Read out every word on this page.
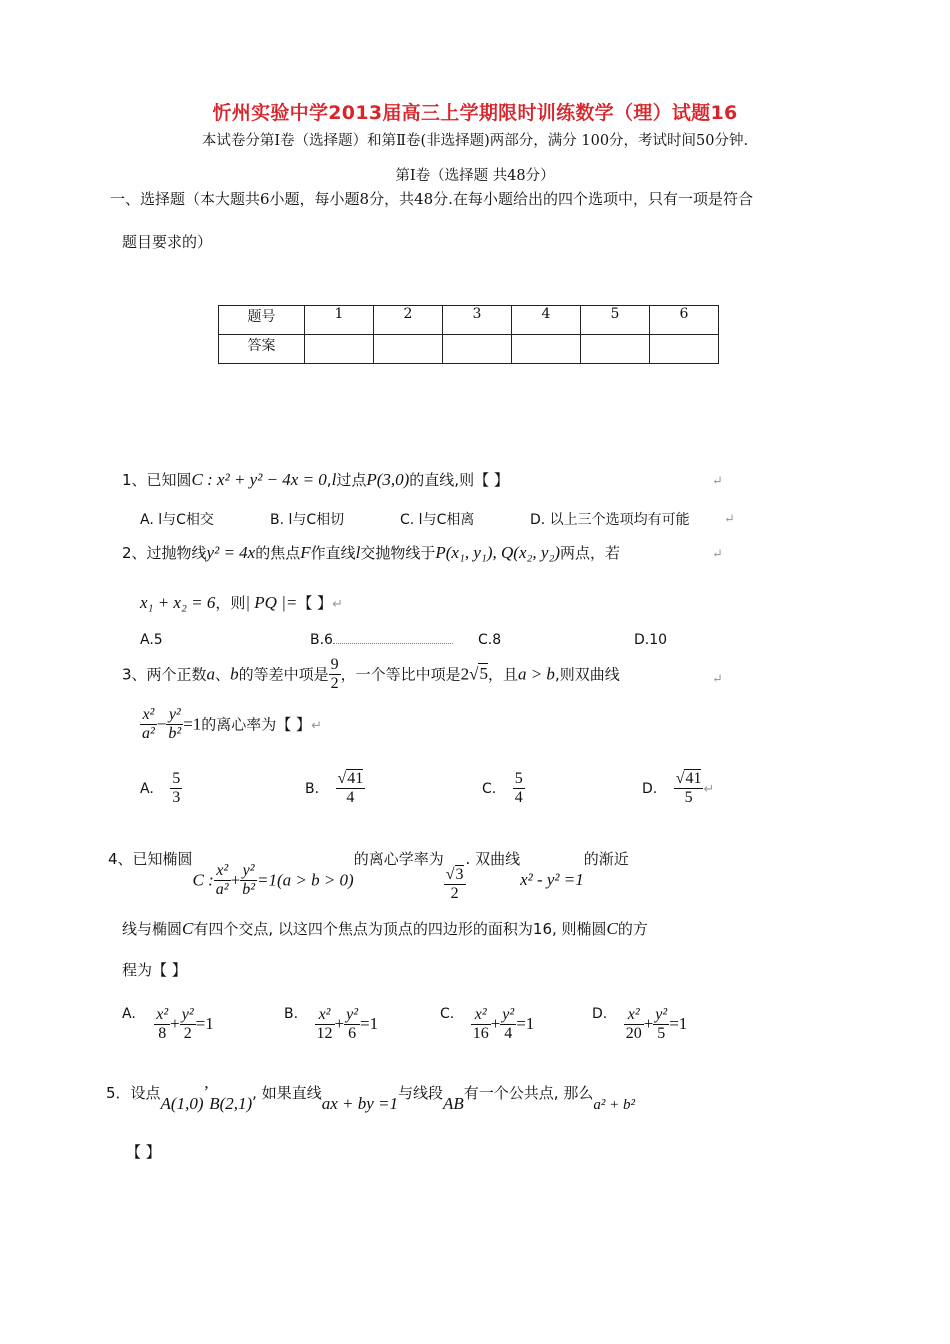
忻州实验中学2013届高三上学期限时训练数学（理）试题16
本试卷分第Ⅰ卷（选择题）和第Ⅱ卷(非选择题)两部分，满分 100分，考试时间50分钟.
第Ⅰ卷（选择题 共48分）
一、选择题（本大题共6小题，每小题8分，共48分.在每小题给出的四个选项中，只有一项是符合
题目要求的）
题号	1	2	3	4	5	6
答案						
1、已知圆C : x² + y² − 4x = 0,l过点P(3,0)的直线,则【 】	↵
A. l与C相交	B. l与C相切	C. l与C相离	D. 以上三个选项均有可能	↵
2、过抛物线y² = 4x的焦点F作直线l交抛物线于P(x₁, y₁), Q(x₂, y₂)两点，若	↵
x₁ + x₂ = 6，则| PQ |=【 】↵
A.5	B.6	C.8	D.10
3、两个正数a、b的等差中项是 $\frac{9}{2}$ ，一个等比中项是2√5，且a > b,则双曲线	↵
$\frac{\text{x²}}{\text{a²}} - \frac{\text{y²}}{\text{b²}} =1$的离心率为【 】↵
A. $\frac{5}{3}$	B. $\frac{√41}{4}$	C. $\frac{5}{4}$	D. $\frac{√41}{5}$ ↵
4、已知椭圆C : $\frac{\text{x²}}{\text{a²}} + \frac{\text{y²}}{\text{b²}} =1(a > b > 0)$的离心学率为
$\frac{√3}{2}$
. 双曲线x² - y² =1的渐近
线与椭圆C有四个交点, 以这四个焦点为顶点的四边形的面积为16, 则椭圆C的方
程为【 】
A. $\frac{\text{x²}}{8} + \frac{\text{y²}}{2} =1$	B. $\frac{\text{x²}}{12} + \frac{\text{y²}}{6} =1$	C. $\frac{\text{x²}}{16} + \frac{\text{y²}}{4} =1$	D. $\frac{\text{x²}}{20} + \frac{\text{y²}}{5} =1$
5．设点A(1,0)’B(2,1), 如果直线ax + by =1与线段AB有一个公共点, 那么a² + b²
【 】
